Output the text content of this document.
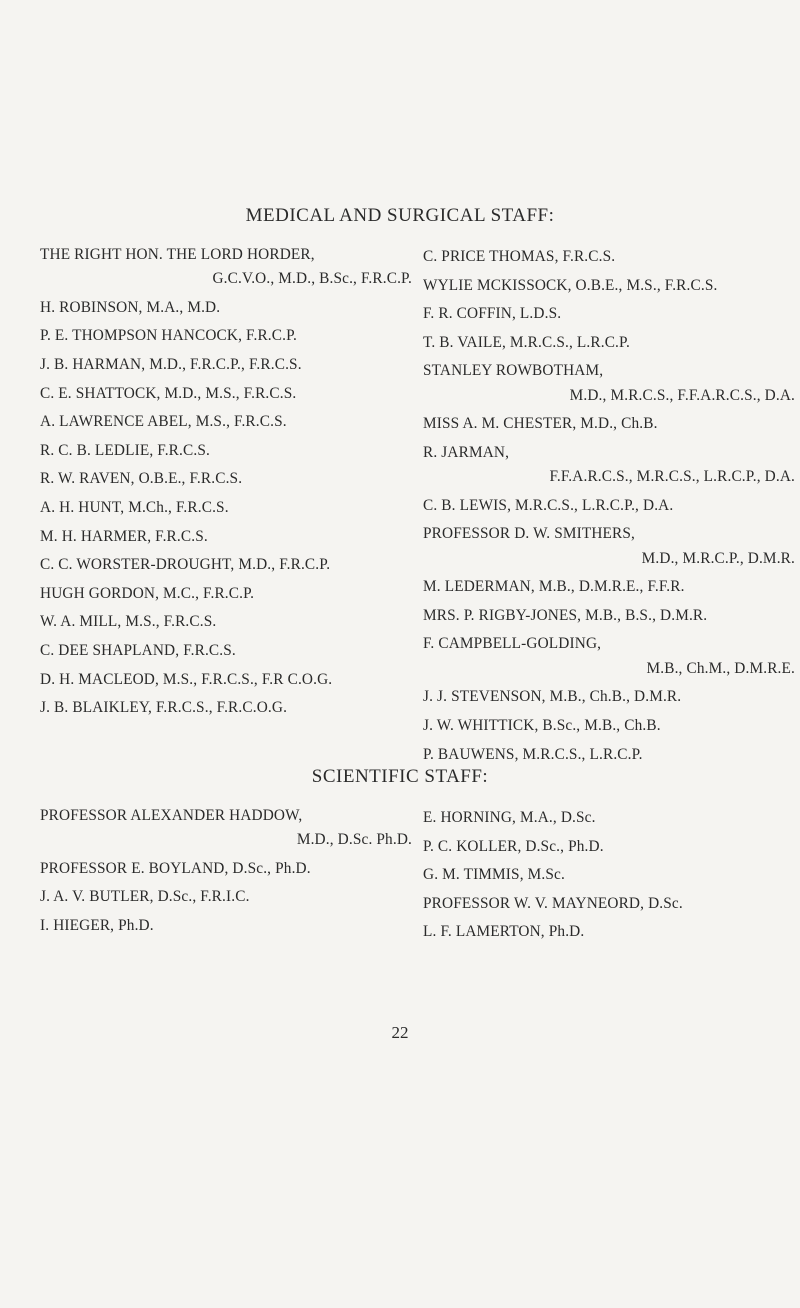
MEDICAL AND SURGICAL STAFF:
THE RIGHT HON. THE LORD HORDER,
G.C.V.O., M.D., B.Sc., F.R.C.P.
H. ROBINSON, M.A., M.D.
P. E. THOMPSON HANCOCK, F.R.C.P.
J. B. HARMAN, M.D., F.R.C.P., F.R.C.S.
C. E. SHATTOCK, M.D., M.S., F.R.C.S.
A. LAWRENCE ABEL, M.S., F.R.C.S.
R. C. B. LEDLIE, F.R.C.S.
R. W. RAVEN, O.B.E., F.R.C.S.
A. H. HUNT, M.Ch., F.R.C.S.
M. H. HARMER, F.R.C.S.
C. C. WORSTER-DROUGHT, M.D., F.R.C.P.
HUGH GORDON, M.C., F.R.C.P.
W. A. MILL, M.S., F.R.C.S.
C. DEE SHAPLAND, F.R.C.S.
D. H. MACLEOD, M.S., F.R.C.S., F.R C.O.G.
J. B. BLAIKLEY, F.R.C.S., F.R.C.O.G.
C. PRICE THOMAS, F.R.C.S.
WYLIE MCKISSOCK, O.B.E., M.S., F.R.C.S.
F. R. COFFIN, L.D.S.
T. B. VAILE, M.R.C.S., L.R.C.P.
STANLEY ROWBOTHAM,
M.D., M.R.C.S., F.F.A.R.C.S., D.A.
MISS A. M. CHESTER, M.D., Ch.B.
R. JARMAN,
F.F.A.R.C.S., M.R.C.S., L.R.C.P., D.A.
C. B. LEWIS, M.R.C.S., L.R.C.P., D.A.
PROFESSOR D. W. SMITHERS,
M.D., M.R.C.P., D.M.R.
M. LEDERMAN, M.B., D.M.R.E., F.F.R.
MRS. P. RIGBY-JONES, M.B., B.S., D.M.R.
F. CAMPBELL-GOLDING,
M.B., Ch.M., D.M.R.E.
J. J. STEVENSON, M.B., Ch.B., D.M.R.
J. W. WHITTICK, B.Sc., M.B., Ch.B.
P. BAUWENS, M.R.C.S., L.R.C.P.
SCIENTIFIC STAFF:
PROFESSOR ALEXANDER HADDOW,
M.D., D.Sc. Ph.D.
PROFESSOR E. BOYLAND, D.Sc., Ph.D.
J. A. V. BUTLER, D.Sc., F.R.I.C.
I. HIEGER, Ph.D.
E. HORNING, M.A., D.Sc.
P. C. KOLLER, D.Sc., Ph.D.
G. M. TIMMIS, M.Sc.
PROFESSOR W. V. MAYNEORD, D.Sc.
L. F. LAMERTON, Ph.D.
22
